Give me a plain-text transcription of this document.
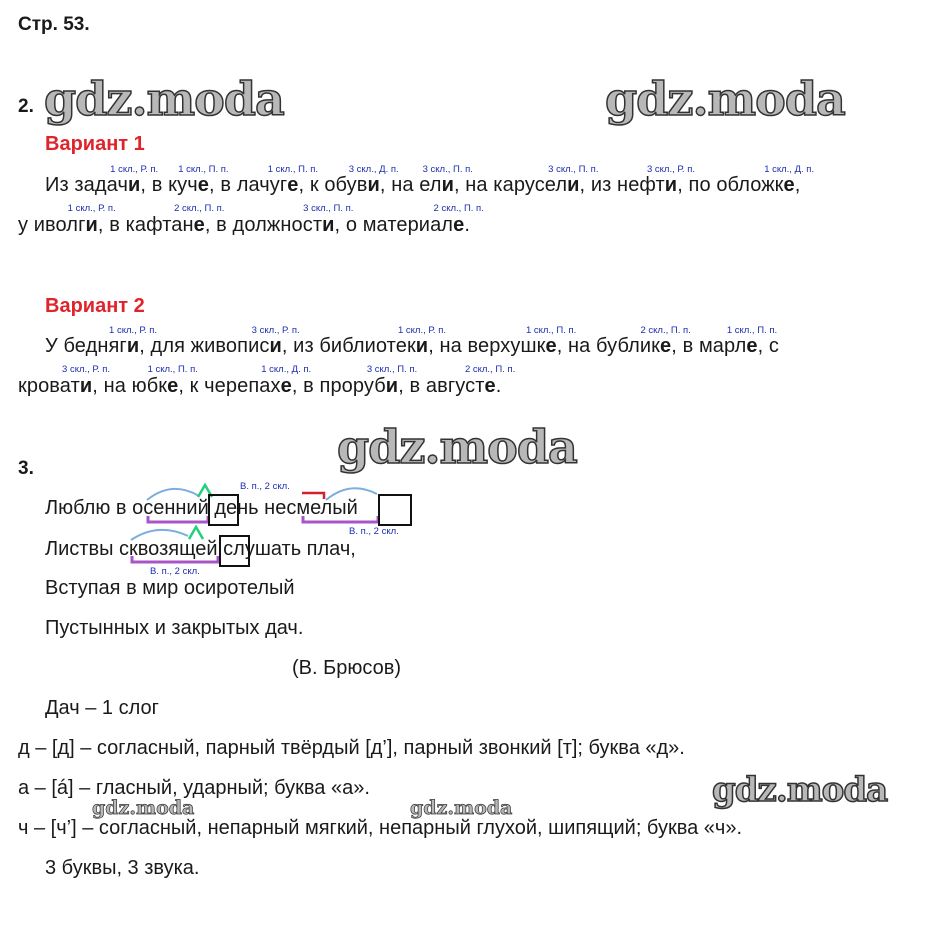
Стр. 53.
gdz.moda	gdz.moda
gdz.moda
gdz.moda
gdz.moda	gdz.moda
2.
Вариант 1
1 скл., Р. п. 1 скл., П. п.	1 скл., П. п.	3 скл., Д. п.	3 скл., П. п.	3 скл., П. п.	3 скл., Р. п.	1 скл., Д. п.
Из задачи, в куче, в лачуге, к обуви, на ели, на карусели, из нефти, по обложке,
1 скл., Р. п.	2 скл., П. п.	3 скл., П. п.	2 скл., П. п.
у иволги, в кафтане, в должности, о материале.
Вариант 2
1 скл., Р. п.	3 скл., Р. п.	1 скл., Р. п.	1 скл., П. п.	2 скл., П. п.	1 скл., П. п.
У бедняги, для живописи, из библиотеки, на верхушке, на бублике, в марле, с
3 скл., Р. п.	1 скл., П. п.	1 скл., Д. п.	3 скл., П. п.	2 скл., П. п.
кровати, на юбке, к черепахе, в проруби, в августе.
3.
В. п., 2 скл.
В. п., 2 скл.
В. п., 2 скл.
Люблю в осенний день несмелый
Листвы сквозящей слушать плач,
Вступая в мир осиротелый
Пустынных и закрытых дач.
(В. Брюсов)
Дач – 1 слог
д – [д] – согласный, парный твёрдый [д’], парный звонкий [т]; буква «д».
а – [á] – гласный, ударный; буква «а».
ч – [ч’] – согласный, непарный мягкий, непарный глухой, шипящий; буква «ч».
3 буквы, 3 звука.
